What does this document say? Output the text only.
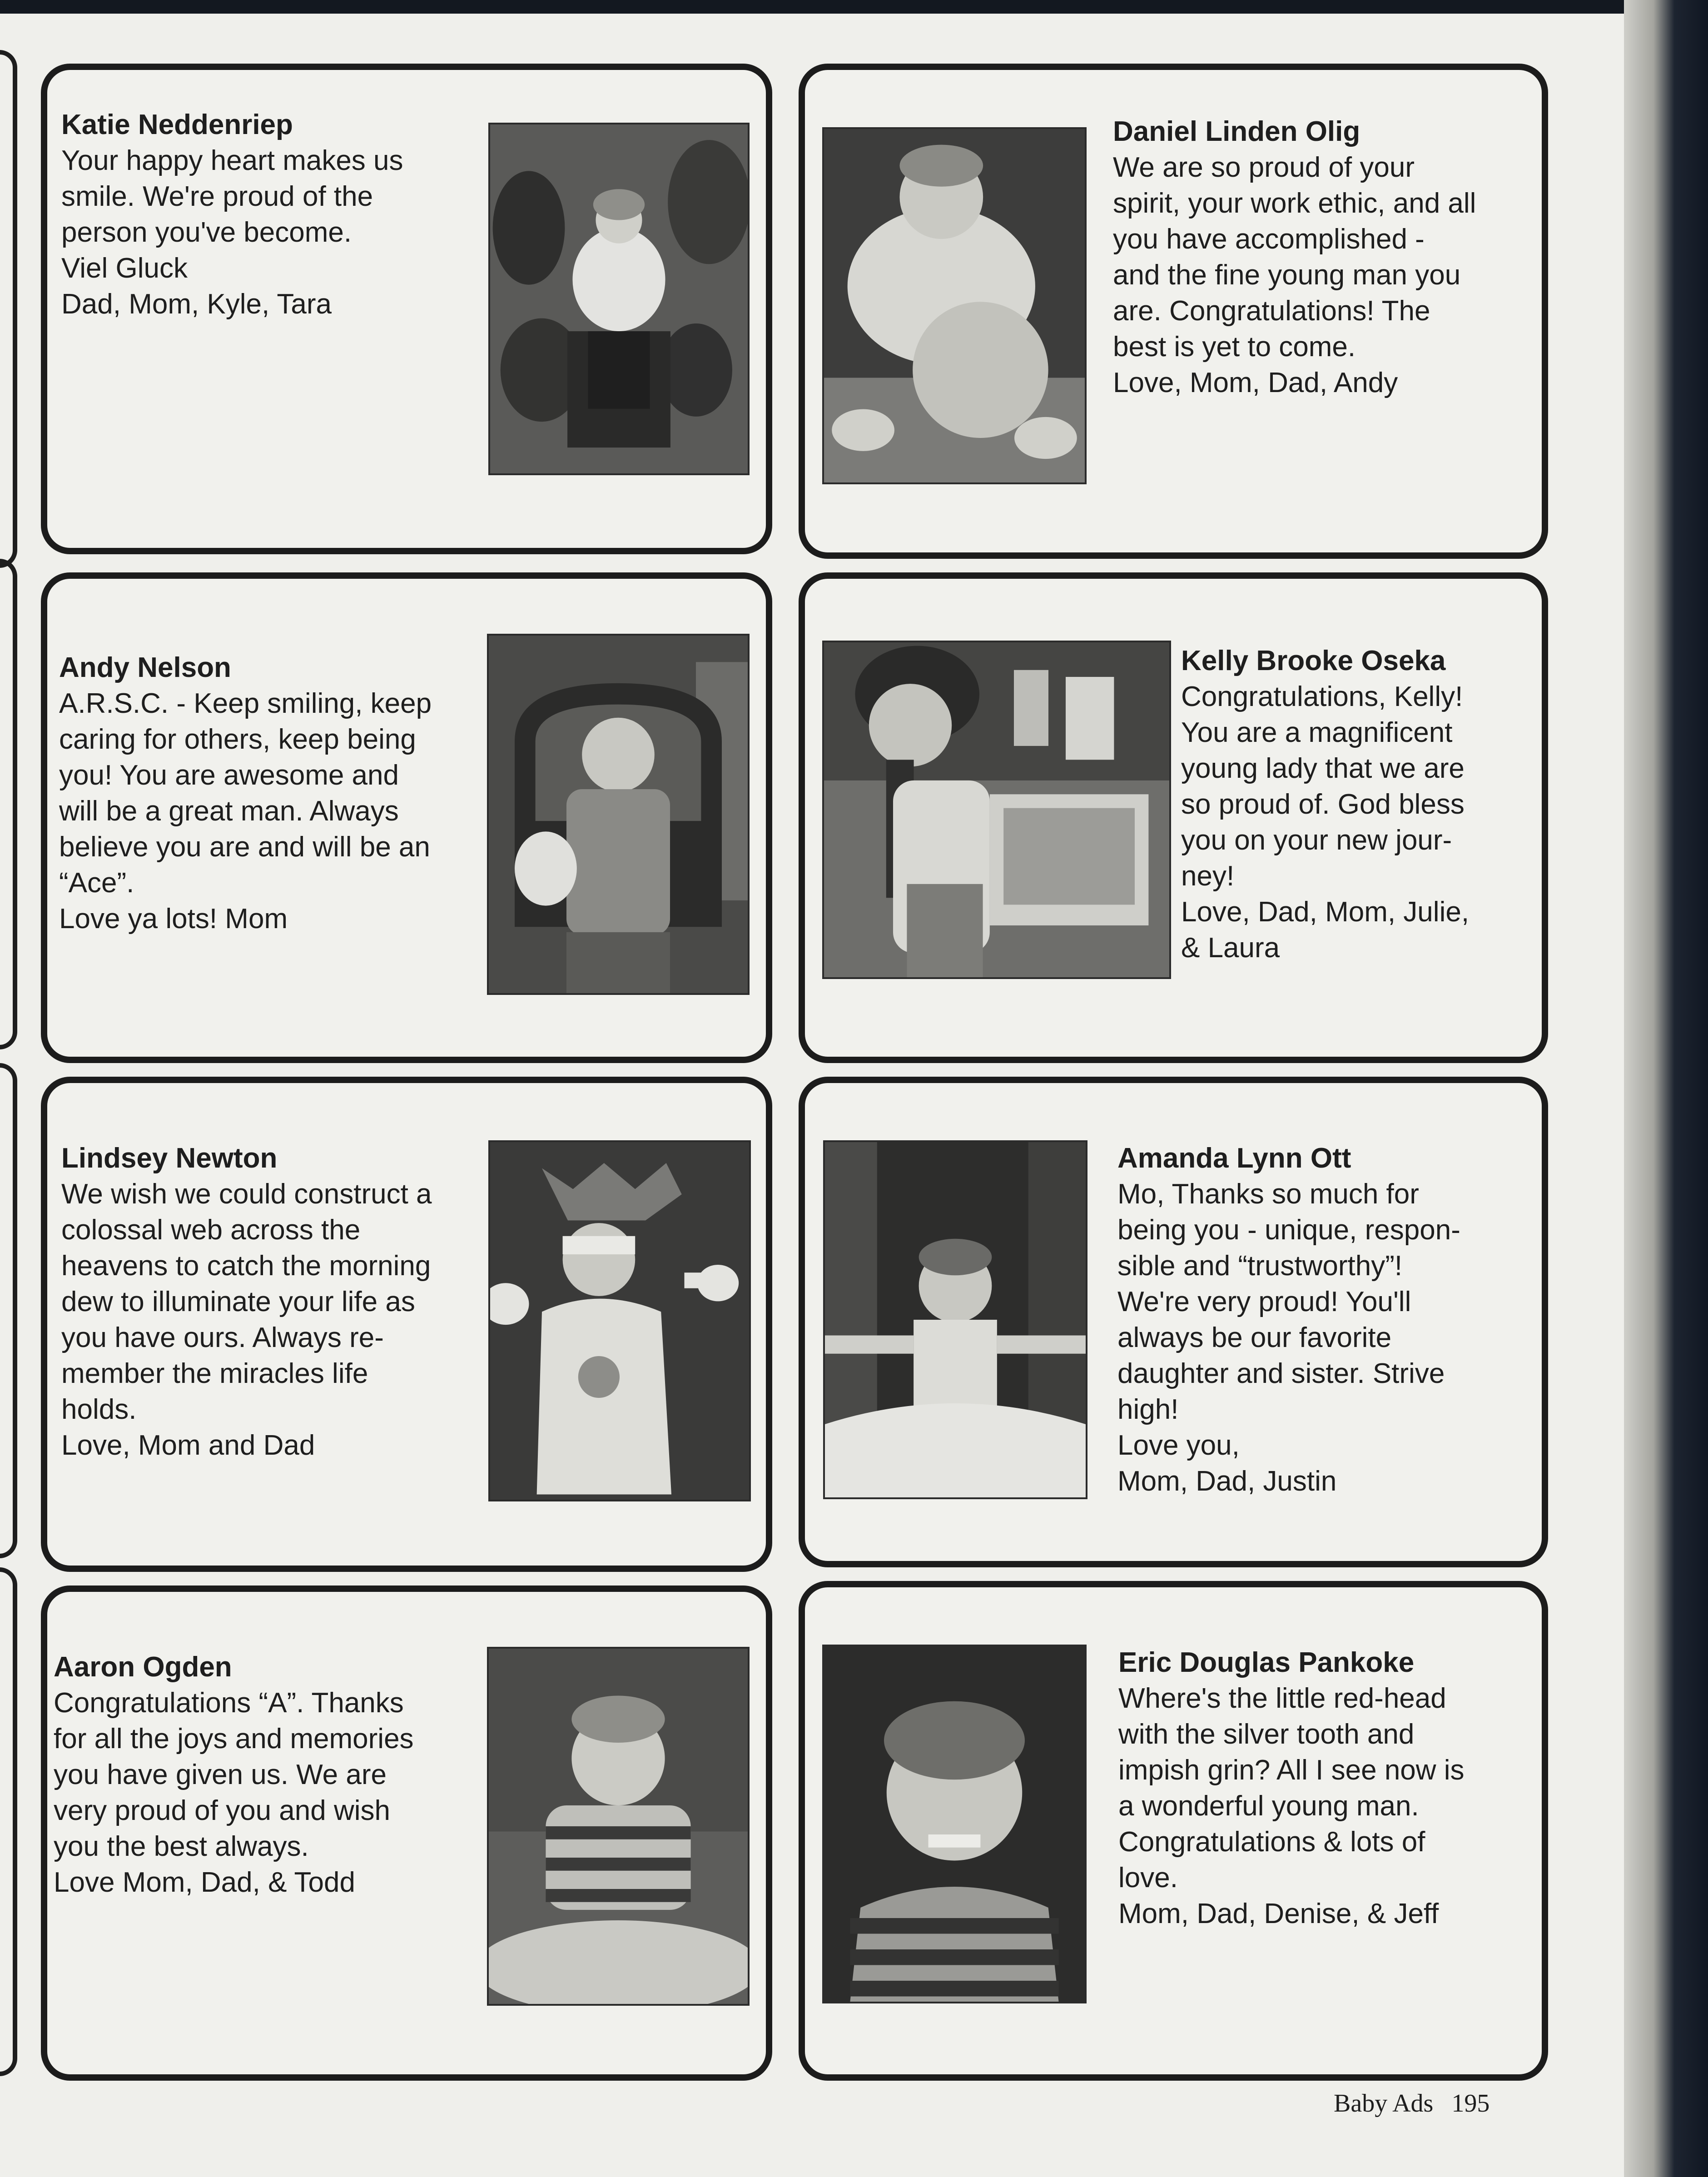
Katie Neddenriep
Your happy heart makes us
smile. We're proud of the
person you've become.
Viel Gluck
Dad, Mom, Kyle, Tara
Daniel Linden Olig
We are so proud of your
spirit, your work ethic, and all
you have accomplished -
and the fine young man you
are. Congratulations! The
best is yet to come.
Love, Mom, Dad, Andy
Andy Nelson
A.R.S.C. - Keep smiling, keep
caring for others, keep being
you! You are awesome and
will be a great man. Always
believe you are and will be an
“Ace”.
Love ya lots! Mom
Kelly Brooke Oseka
Congratulations, Kelly!
You are a magnificent
young lady that we are
so proud of. God bless
you on your new jour-
ney!
Love, Dad, Mom, Julie,
& Laura
Lindsey Newton
We wish we could construct a
colossal web across the
heavens to catch the morning
dew to illuminate your life as
you have ours. Always re-
member the miracles life
holds.
Love, Mom and Dad
Amanda Lynn Ott
Mo, Thanks so much for
being you - unique, respon-
sible and “trustworthy”!
We're very proud! You'll
always be our favorite
daughter and sister. Strive
high!
Love you,
Mom, Dad, Justin
Aaron Ogden
Congratulations “A”. Thanks
for all the joys and memories
you have given us. We are
very proud of you and wish
you the best always.
Love Mom, Dad, & Todd
Eric Douglas Pankoke
Where's the little red-head
with the silver tooth and
impish grin? All I see now is
a wonderful young man.
Congratulations & lots of
love.
Mom, Dad, Denise, & Jeff
Baby Ads 195
